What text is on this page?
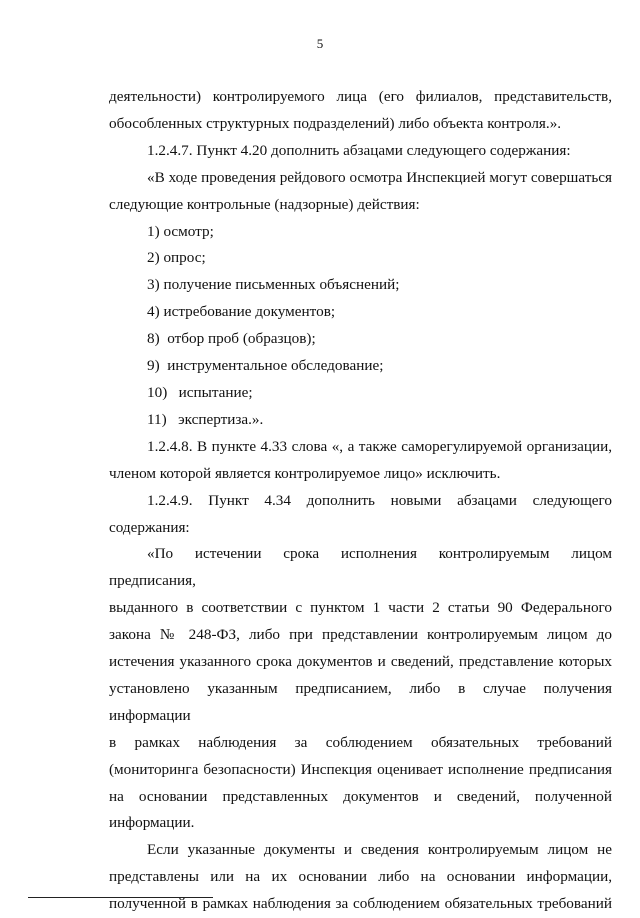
5

деятельности) контролируемого лица (его филиалов, представительств,

обособленных структурных подразделений) либо объекта контроля.».

1.2.4.7. Пункт 4.20 дополнить абзацами следующего содержания:

«В ходе проведения рейдового осмотра Инспекцией могут совершаться

следующие контрольные (надзорные) действия:

1) осмотр;

2) опрос;

3) получение письменных объяснений;

4) истребование документов;

8)  отбор проб (образцов);

9)  инструментальное обследование;

10)   испытание;

11)   экспертиза.».

1.2.4.8. В пункте 4.33 слова «, а также саморегулируемой организации,

членом которой является контролируемое лицо» исключить.

1.2.4.9. Пункт 4.34 дополнить новыми абзацами следующего

содержания:

«По истечении срока исполнения контролируемым лицом предписания,

выданного в соответствии с пунктом 1 части 2 статьи 90 Федерального

закона № 248-ФЗ, либо при представлении контролируемым лицом до

истечения указанного срока документов и сведений, представление которых

установлено указанным предписанием, либо в случае получения информации

в рамках наблюдения за соблюдением обязательных требований

(мониторинга безопасности) Инспекция оценивает исполнение предписания

на основании представленных документов и сведений, полученной

информации.

Если указанные документы и сведения контролируемым лицом не

представлены или на их основании либо на основании информации,

полученной в рамках наблюдения за соблюдением обязательных требований
